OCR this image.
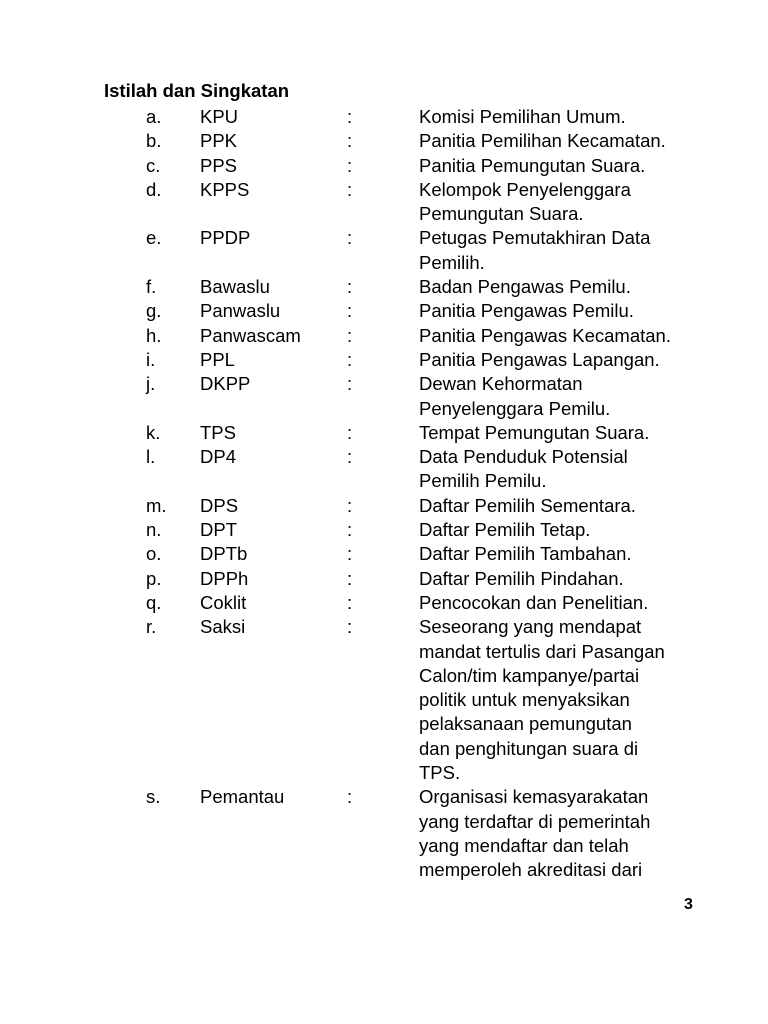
Istilah dan Singkatan
a. KPU	:	Komisi Pemilihan Umum.
b. PPK	:	Panitia Pemilihan Kecamatan.
c. PPS	:	Panitia Pemungutan Suara.
d. KPPS	:	Kelompok Penyelenggara
Pemungutan Suara.
e. PPDP	:	Petugas Pemutakhiran Data
Pemilih.
f. Bawaslu	:	Badan Pengawas Pemilu.
g. Panwaslu	:	Panitia Pengawas Pemilu.
h. Panwascam :	Panitia Pengawas Kecamatan.
i. PPL	:	Panitia Pengawas Lapangan.
j. DKPP	:	Dewan Kehormatan
Penyelenggara Pemilu.
k. TPS	:	Tempat Pemungutan Suara.
l. DP4	:	Data Penduduk Potensial
Pemilih Pemilu.
m. DPS	:	Daftar Pemilih Sementara.
n. DPT	:	Daftar Pemilih Tetap.
o. DPTb	:	Daftar Pemilih Tambahan.
p. DPPh	:	Daftar Pemilih Pindahan.
q. Coklit	:	Pencocokan dan Penelitian.
r. Saksi	:	Seseorang yang mendapat
mandat tertulis dari Pasangan
Calon/tim kampanye/partai
politik untuk menyaksikan
pelaksanaan pemungutan
dan penghitungan suara di
TPS.
s. Pemantau	:	Organisasi kemasyarakatan
yang terdaftar di pemerintah
yang mendaftar dan telah
memperoleh akreditasi dari
3
